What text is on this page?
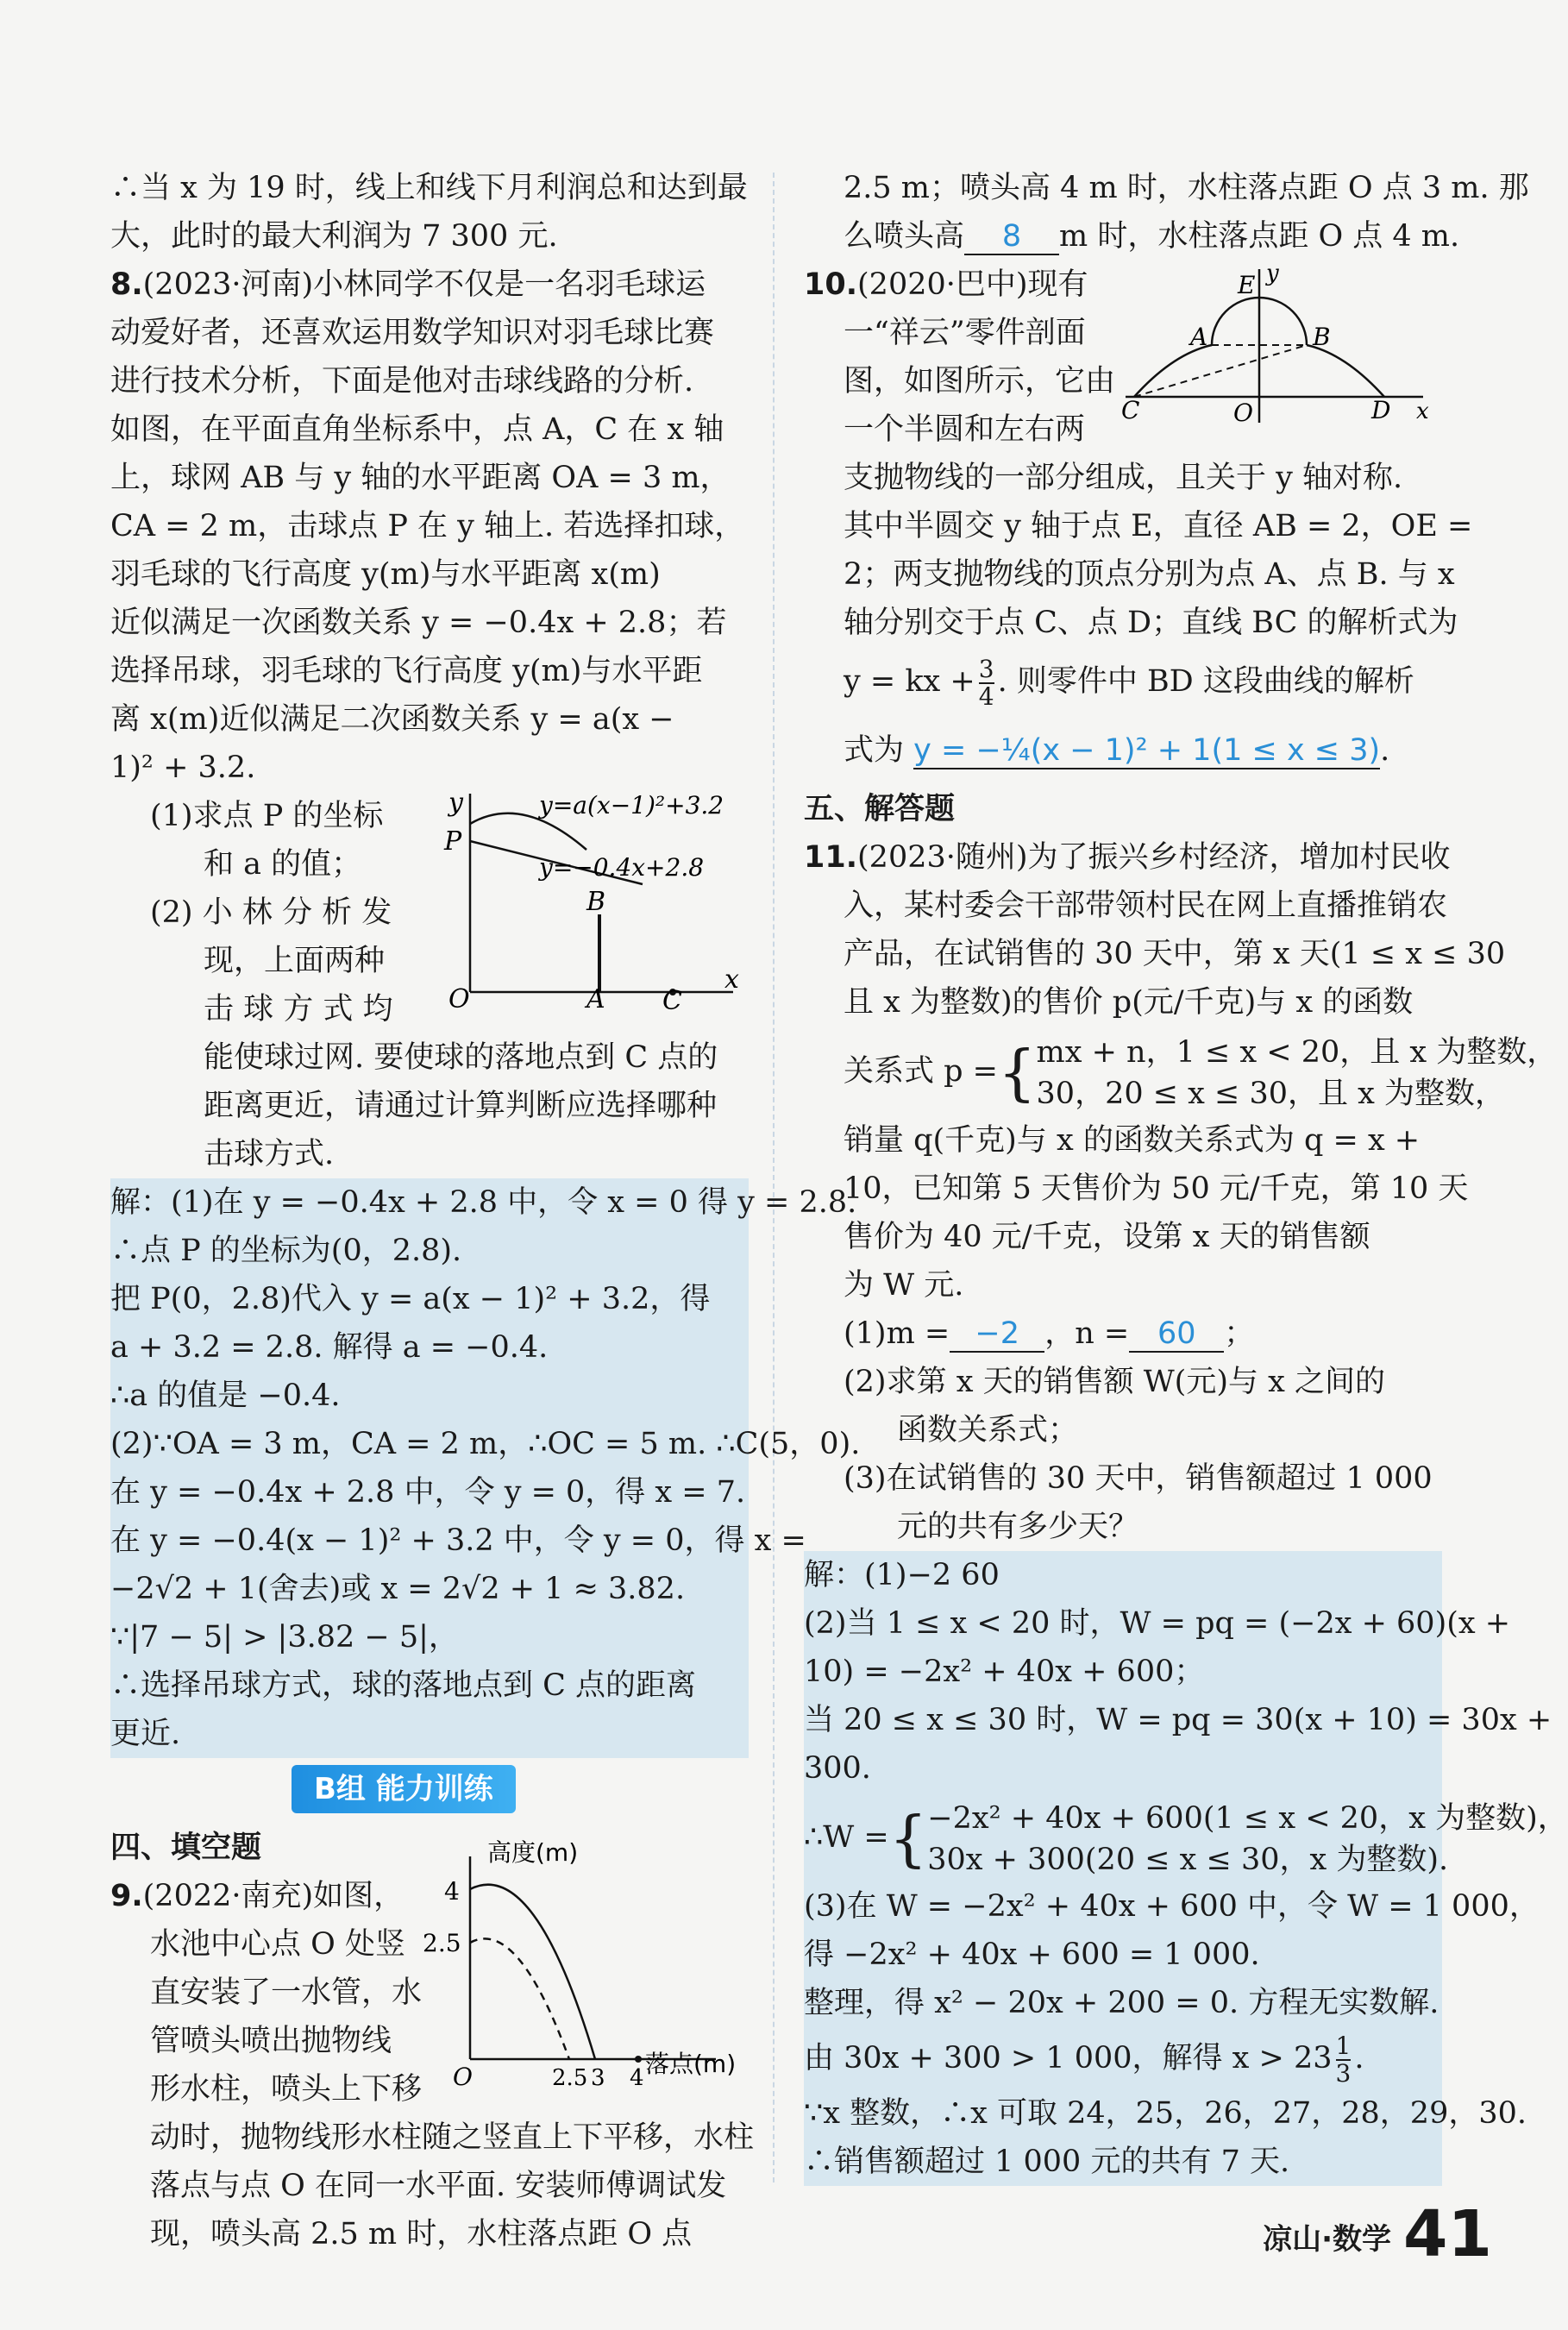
∴当 x 为 19 时，线上和线下月利润总和达到最
大，此时的最大利润为 7 300 元.
8.(2023·河南)小林同学不仅是一名羽毛球运
动爱好者，还喜欢运用数学知识对羽毛球比赛
进行技术分析，下面是他对击球线路的分析.
如图，在平面直角坐标系中，点 A，C 在 x 轴
上，球网 AB 与 y 轴的水平距离 OA = 3 m，
CA = 2 m，击球点 P 在 y 轴上. 若选择扣球，
羽毛球的飞行高度 y(m)与水平距离 x(m)
近似满足一次函数关系 y = −0.4x + 2.8；若
选择吊球，羽毛球的飞行高度 y(m)与水平距
离 x(m)近似满足二次函数关系 y = a(x −
1)² + 3.2.
(1)求点 P 的坐标
和 a 的值；
(2) 小 林 分 析 发
现，上面两种
击 球 方 式 均
能使球过网. 要使球的落地点到 C 点的
距离更近，请通过计算判断应选择哪种
击球方式.
解：(1)在 y = −0.4x + 2.8 中，令 x = 0 得 y = 2.8.
∴点 P 的坐标为(0，2.8).
把 P(0，2.8)代入 y = a(x − 1)² + 3.2，得
a + 3.2 = 2.8. 解得 a = −0.4.
∴a 的值是 −0.4.
(2)∵OA = 3 m，CA = 2 m，∴OC = 5 m. ∴C(5，0).
在 y = −0.4x + 2.8 中，令 y = 0，得 x = 7.
在 y = −0.4(x − 1)² + 3.2 中，令 y = 0，得 x =
−2√2 + 1(舍去)或 x = 2√2 + 1 ≈ 3.82.
∵|7 − 5| > |3.82 − 5|，
∴选择吊球方式，球的落地点到 C 点的距离
更近.
B组 能力训练
四、填空题
9.(2022·南充)如图，
水池中心点 O 处竖
直安装了一水管，水
管喷头喷出抛物线
形水柱，喷头上下移
动时，抛物线形水柱随之竖直上下平移，水柱
落点与点 O 在同一水平面. 安装师傅调试发
现，喷头高 2.5 m 时，水柱落点距 O 点
y
x
P
O	A
B
C
y=a(x−1)²+3.2
y=−0.4x+2.8
高度(m)
落点(m)
4
2.5
O	2.5 3 4
2.5 m；喷头高 4 m 时，水柱落点距 O 点 3 m. 那
么喷头高 8 m 时，水柱落点距 O 点 4 m.
10.(2020·巴中)现有
一“祥云”零件剖面
图，如图所示，它由
一个半圆和左右两
支抛物线的一部分组成，且关于 y 轴对称.
其中半圆交 y 轴于点 E，直径 AB = 2，OE =
2；两支抛物线的顶点分别为点 A、点 B. 与 x
轴分别交于点 C、点 D；直线 BC 的解析式为
y = kx + $\frac{3}{4}$ . 则零件中 BD 这段曲线的解析
式为 y = −¼(x − 1)² + 1(1 ≤ x ≤ 3).
五、解答题
11.(2023·随州)为了振兴乡村经济，增加村民收
入，某村委会干部带领村民在网上直播推销农
产品，在试销售的 30 天中，第 x 天(1 ≤ x ≤ 30
且 x 为整数)的售价 p(元/千克)与 x 的函数
关系式 p ={ mx + n，1 ≤ x < 20，且 x 为整数，
30，20 ≤ x ≤ 30，且 x 为整数，
销量 q(千克)与 x 的函数关系式为 q = x +
10，已知第 5 天售价为 50 元/千克，第 10 天
售价为 40 元/千克，设第 x 天的销售额
为 W 元.
(1)m = −2 ，n = 60 ；
(2)求第 x 天的销售额 W(元)与 x 之间的
函数关系式；
(3)在试销售的 30 天中，销售额超过 1 000
元的共有多少天？
解：(1)−2 60
(2)当 1 ≤ x < 20 时，W = pq = (−2x + 60)(x +
10) = −2x² + 40x + 600；
当 20 ≤ x ≤ 30 时，W = pq = 30(x + 10) = 30x +
300.
∴W ={ −2x² + 40x + 600(1 ≤ x < 20，x 为整数)，
30x + 300(20 ≤ x ≤ 30，x 为整数).
(3)在 W = −2x² + 40x + 600 中，令 W = 1 000，
得 −2x² + 40x + 600 = 1 000.
整理，得 x² − 20x + 200 = 0. 方程无实数解.
由 30x + 300 > 1 000，解得 $x > 23 \frac{1}{3}$ .
∵x 整数，∴x 可取 24，25，26，27，28，29，30.
∴销售额超过 1 000 元的共有 7 天.
E y
A	B
C	O	D x
凉山·数学 41
